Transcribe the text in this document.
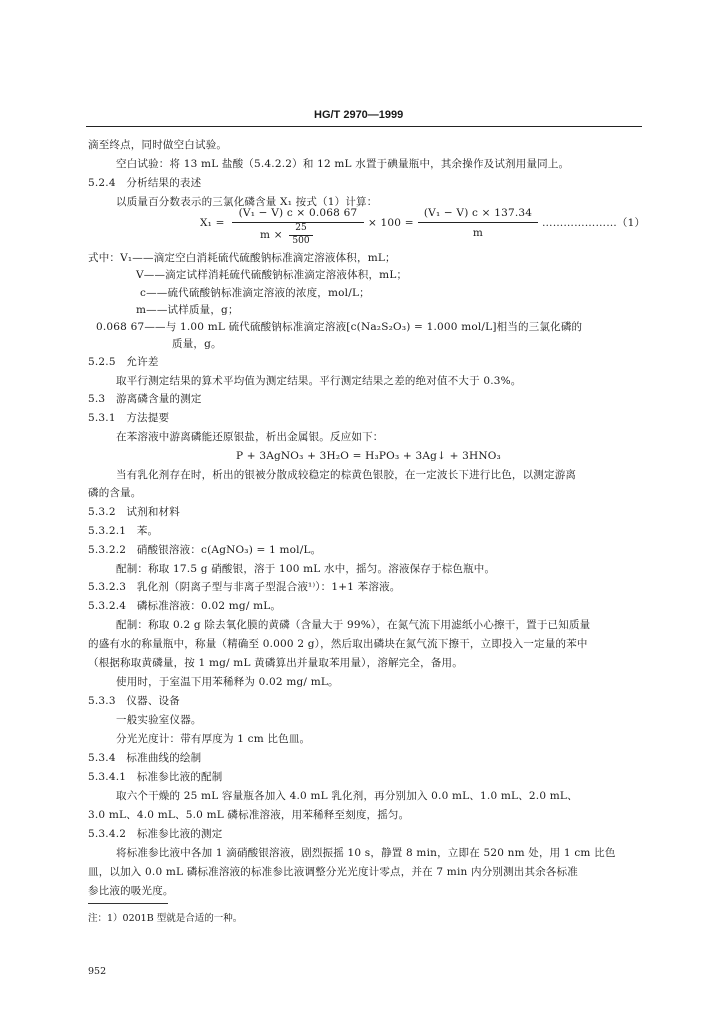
HG/T 2970—1999
滴至终点，同时做空白试验。
空白试验：将 13 mL 盐酸（5.4.2.2）和 12 mL 水置于碘量瓶中，其余操作及试剂用量同上。
5.2.4　分析结果的表述
以质量百分数表示的三氯化磷含量 X₁ 按式（1）计算：
X₁ =
(V₁ − V) c × 0.068 67
m ×
25
500
× 100 =
(V₁ − V) c × 137.34
m
…………………（1）
式中：V₁——滴定空白消耗硫代硫酸钠标准滴定溶液体积，mL；
V——滴定试样消耗硫代硫酸钠标准滴定溶液体积，mL；
c——硫代硫酸钠标准滴定溶液的浓度，mol/L；
m——试样质量，g；
0.068 67——与 1.00 mL 硫代硫酸钠标准滴定溶液[c(Na₂S₂O₃) = 1.000 mol/L]相当的三氯化磷的
质量，g。
5.2.5　允许差
取平行测定结果的算术平均值为测定结果。平行测定结果之差的绝对值不大于 0.3%。
5.3　游离磷含量的测定
5.3.1　方法提要
在苯溶液中游离磷能还原银盐，析出金属银。反应如下：
P + 3AgNO₃ + 3H₂O = H₃PO₃ + 3Ag↓ + 3HNO₃
当有乳化剂存在时，析出的银被分散成较稳定的棕黄色银胶，在一定波长下进行比色，以测定游离
磷的含量。
5.3.2　试剂和材料
5.3.2.1　苯。
5.3.2.2　硝酸银溶液：c(AgNO₃) = 1 mol/L。
配制：称取 17.5 g 硝酸银，溶于 100 mL 水中，摇匀。溶液保存于棕色瓶中。
5.3.2.3　乳化剂（阴离子型与非离子型混合液¹⁾）：1+1 苯溶液。
5.3.2.4　磷标准溶液：0.02 mg/ mL。
配制：称取 0.2 g 除去氧化膜的黄磷（含量大于 99%），在氮气流下用滤纸小心擦干，置于已知质量
的盛有水的称量瓶中，称量（精确至 0.000 2 g），然后取出磷块在氮气流下擦干，立即投入一定量的苯中
（根据称取黄磷量，按 1 mg/ mL 黄磷算出并量取苯用量），溶解完全，备用。
使用时，于室温下用苯稀释为 0.02 mg/ mL。
5.3.3　仪器、设备
一般实验室仪器。
分光光度计：带有厚度为 1 cm 比色皿。
5.3.4　标准曲线的绘制
5.3.4.1　标准参比液的配制
取六个干燥的 25 mL 容量瓶各加入 4.0 mL 乳化剂，再分别加入 0.0 mL、1.0 mL、2.0 mL、
3.0 mL、4.0 mL、5.0 mL 磷标准溶液，用苯稀释至刻度，摇匀。
5.3.4.2　标准参比液的测定
将标准参比液中各加 1 滴硝酸银溶液，剧烈振摇 10 s，静置 8 min，立即在 520 nm 处，用 1 cm 比色
皿，以加入 0.0 mL 磷标准溶液的标准参比液调整分光光度计零点，并在 7 min 内分别测出其余各标准
参比液的吸光度。
注：1）0201B 型就是合适的一种。
952
